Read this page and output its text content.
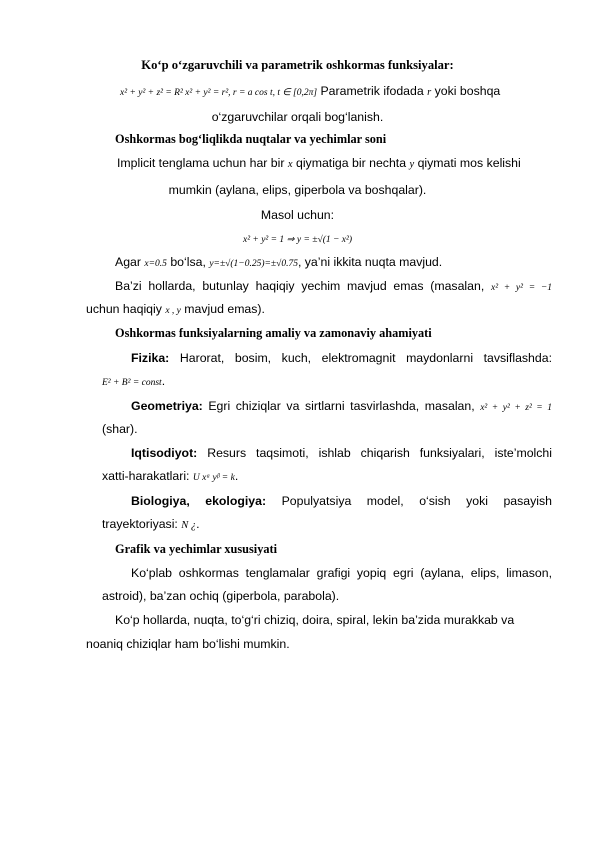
Ko‘p o‘zgaruvchili va parametrik oshkormas funksiyalar:
x² + y² + z² = R² x² + y² = r², r = a cos t, t ∈ [0,2π] Parametrik ifodada r yoki boshqa
o‘zgaruvchilar orqali bog‘lanish.
Oshkormas bog‘liqlikda nuqtalar va yechimlar soni
Implicit tenglama uchun har bir x qiymatiga bir nechta y qiymati mos kelishi
mumkin (aylana, elips, giperbola va boshqalar).
Masol uchun:
x² + y² = 1 ⇒ y = ±√(1 − x²)
Agar x=0.5 bo‘lsa, y=±√(1−0.25)=±√0.75, ya’ni ikkita nuqta mavjud.
Ba’zi hollarda, butunlay haqiqiy yechim mavjud emas (masalan, x² + y² = −1
uchun haqiqiy x , y mavjud emas).
Oshkormas funksiyalarning amaliy va zamonaviy ahamiyati
Fizika: Harorat, bosim, kuch, elektromagnit maydonlarni tavsiflashda:
E² + B² = const.
Geometriya: Egri chiziqlar va sirtlarni tasvirlashda, masalan, x² + y² + z² = 1
(shar).
Iqtisodiyot: Resurs taqsimoti, ishlab chiqarish funksiyalari, iste’molchi
xatti-harakatlari: U xᵃ yᵝ = k.
Biologiya, ekologiya: Populyatsiya model, o‘sish yoki pasayish
trayektoriyasi: N ¿.
Grafik va yechimlar xususiyati
Ko‘plab oshkormas tenglamalar grafigi yopiq egri (aylana, elips, limason,
astroid), ba’zan ochiq (giperbola, parabola).
Ko‘p hollarda, nuqta, to‘g‘ri chiziq, doira, spiral, lekin ba’zida murakkab va
noaniq chiziqlar ham bo‘lishi mumkin.
